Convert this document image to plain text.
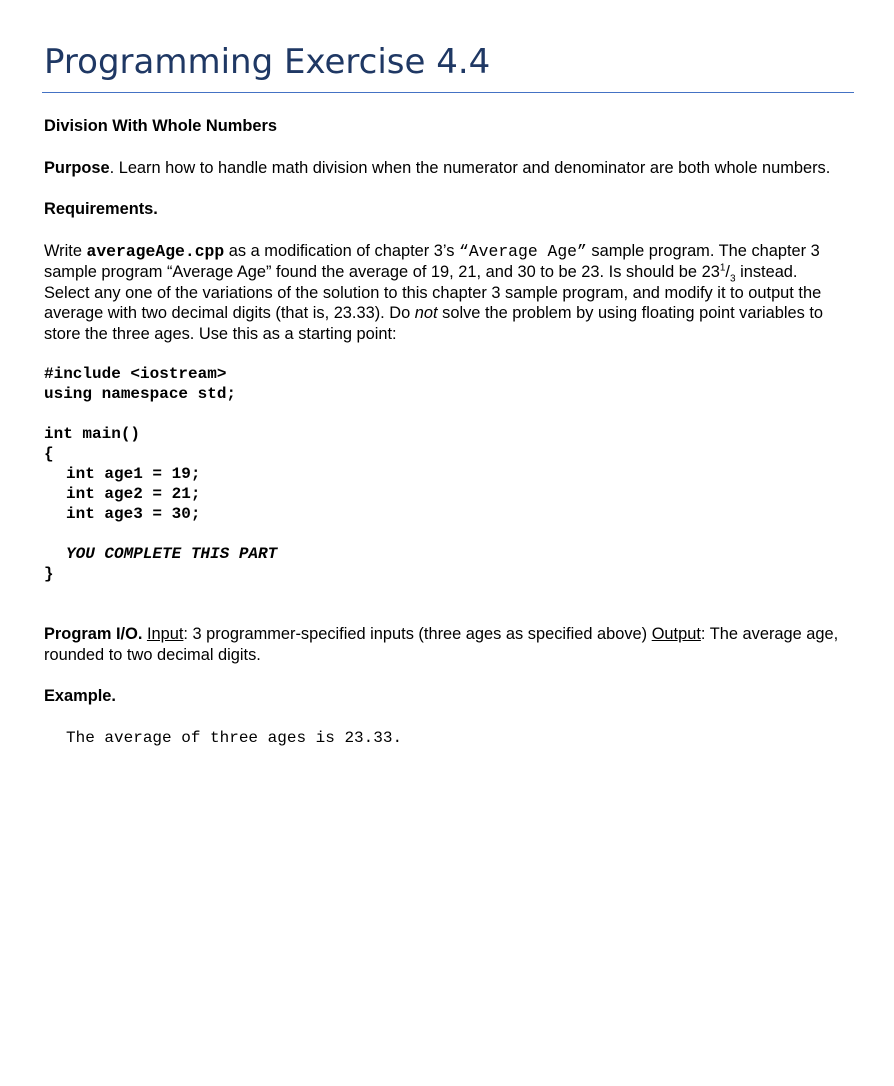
Programming Exercise 4.4

Division With Whole Numbers

Purpose. Learn how to handle math division when the numerator and denominator are both whole numbers.

Requirements.

Write averageAge.cpp as a modification of chapter 3’s “Average Age” sample program. The chapter 3 sample program “Average Age” found the average of 19, 21, and 30 to be 23. Is should be $23^1/_3$ instead. Select any one of the variations of the solution to this chapter 3 sample program, and modify it to output the average with two decimal digits (that is, 23.33). Do not solve the problem by using floating point variables to store the three ages. Use this as a starting point:

#include <iostream>
using namespace std;
int main()
{
int age1 = 19;
int age2 = 21;
int age3 = 30;
YOU COMPLETE THIS PART
}

Program I/O. Input: 3 programmer-specified inputs (three ages as specified above) Output: The average age, rounded to two decimal digits.

Example.

The average of three ages is 23.33.
